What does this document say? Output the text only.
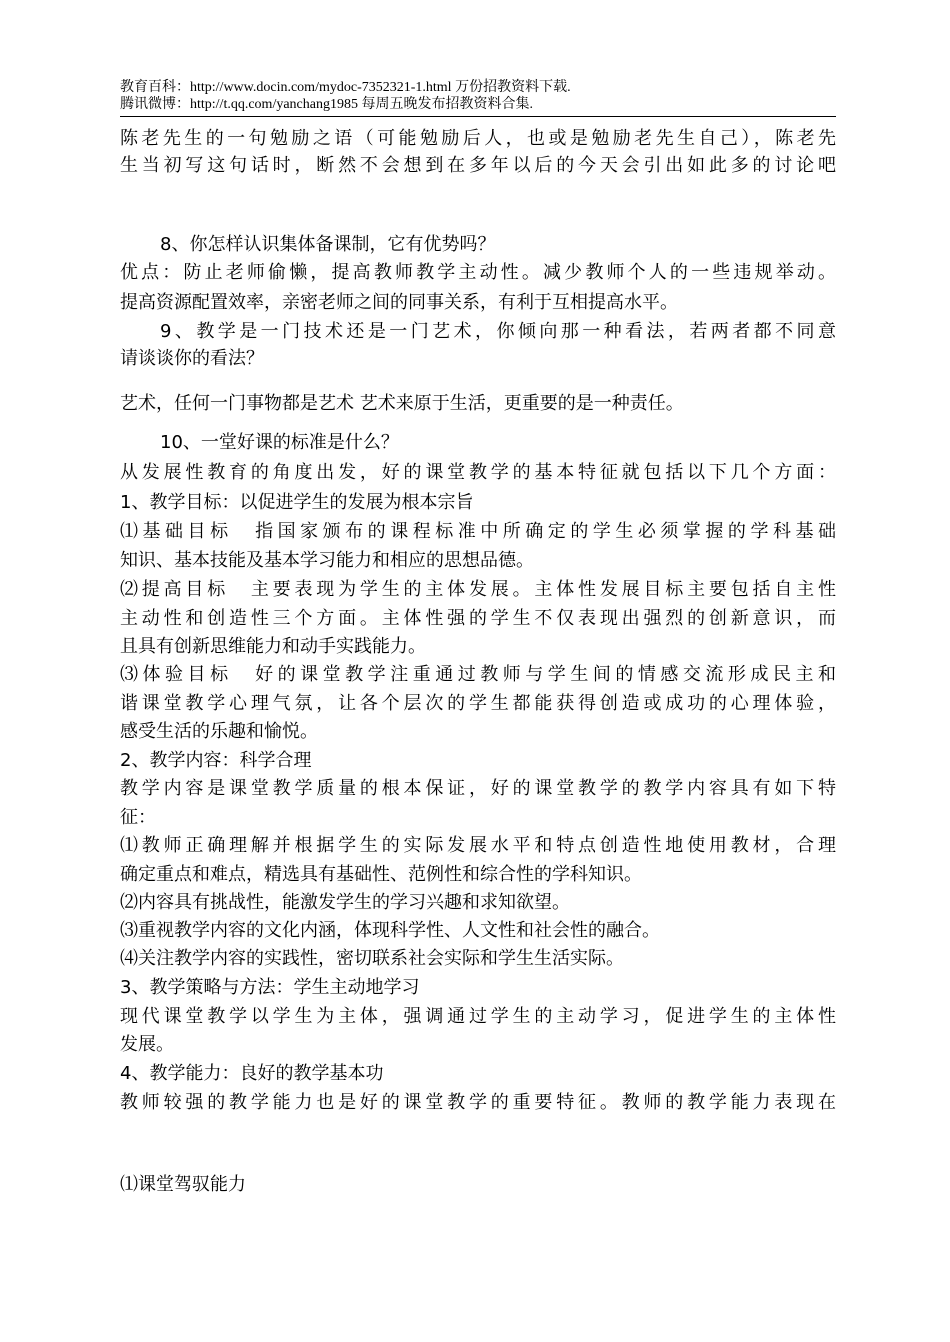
教育百科：http://www.docin.com/mydoc-7352321-1.html 万份招教资料下载.
腾讯微博：http://t.qq.com/yanchang1985 每周五晚发布招教资料合集.
陈老先生的一句勉励之语（可能勉励后人，也或是勉励老先生自己），陈老先
生当初写这句话时，断然不会想到在多年以后的今天会引出如此多的讨论吧
8、你怎样认识集体备课制，它有优势吗？
优点：防止老师偷懒，提高教师教学主动性。减少教师个人的一些违规举动。
提高资源配置效率，亲密老师之间的同事关系，有利于互相提高水平。
9、教学是一门技术还是一门艺术，你倾向那一种看法，若两者都不同意
请谈谈你的看法？
艺术，任何一门事物都是艺术 艺术来原于生活，更重要的是一种责任。
10、一堂好课的标准是什么？
从发展性教育的角度出发，好的课堂教学的基本特征就包括以下几个方面：
1、教学目标：以促进学生的发展为根本宗旨
⑴基础目标　指国家颁布的课程标准中所确定的学生必须掌握的学科基础
知识、基本技能及基本学习能力和相应的思想品德。
⑵提高目标　主要表现为学生的主体发展。主体性发展目标主要包括自主性
主动性和创造性三个方面。主体性强的学生不仅表现出强烈的创新意识，而
且具有创新思维能力和动手实践能力。
⑶体验目标　好的课堂教学注重通过教师与学生间的情感交流形成民主和
谐课堂教学心理气氛，让各个层次的学生都能获得创造或成功的心理体验，
感受生活的乐趣和愉悦。
2、教学内容：科学合理
教学内容是课堂教学质量的根本保证，好的课堂教学的教学内容具有如下特
征：
⑴教师正确理解并根据学生的实际发展水平和特点创造性地使用教材，合理
确定重点和难点，精选具有基础性、范例性和综合性的学科知识。
⑵内容具有挑战性，能激发学生的学习兴趣和求知欲望。
⑶重视教学内容的文化内涵，体现科学性、人文性和社会性的融合。
⑷关注教学内容的实践性，密切联系社会实际和学生生活实际。
3、教学策略与方法：学生主动地学习
现代课堂教学以学生为主体，强调通过学生的主动学习，促进学生的主体性
发展。
4、教学能力：良好的教学基本功
教师较强的教学能力也是好的课堂教学的重要特征。教师的教学能力表现在
⑴课堂驾驭能力
